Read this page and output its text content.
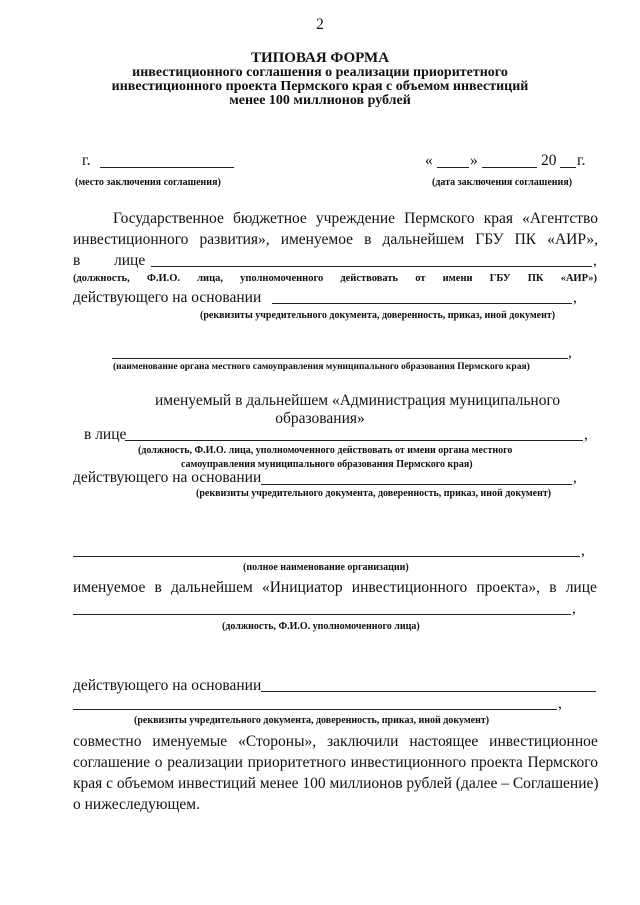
2
ТИПОВАЯ ФОРМА
инвестиционного соглашения о реализации приоритетного
инвестиционного проекта Пермского края с объемом инвестиций
менее 100 миллионов рублей
г.	« »	20 г.
(место заключения соглашения)	(дата заключения соглашения)
Государственное бюджетное учреждение Пермского края «Агентство
инвестиционного развития», именуемое в дальнейшем ГБУ ПК «АИР»,
в лице	,
(должность, Ф.И.О. лица, уполномоченного действовать от имени ГБУ ПК «АИР»)
действующего на основании	,
(реквизиты учредительного документа, доверенность, приказ, иной документ)
,
(наименование органа местного самоуправления муниципального образования Пермского края)
именуемый в дальнейшем «Администрация муниципального
образования»
в лице	,
(должность, Ф.И.О. лица, уполномоченного действовать от имени органа местного
самоуправления муниципального образования Пермского края)
действующего на основании	,
(реквизиты учредительного документа, доверенность, приказ, иной документ)
,
(полное наименование организации)
именуемое в дальнейшем «Инициатор инвестиционного проекта», в лице
,
(должность, Ф.И.О. уполномоченного лица)
действующего на основании
,
(реквизиты учредительного документа, доверенность, приказ, иной документ)
совместно именуемые «Стороны», заключили настоящее инвестиционное
соглашение о реализации приоритетного инвестиционного проекта Пермского
края с объемом инвестиций менее 100 миллионов рублей (далее – Соглашение)
о нижеследующем.
